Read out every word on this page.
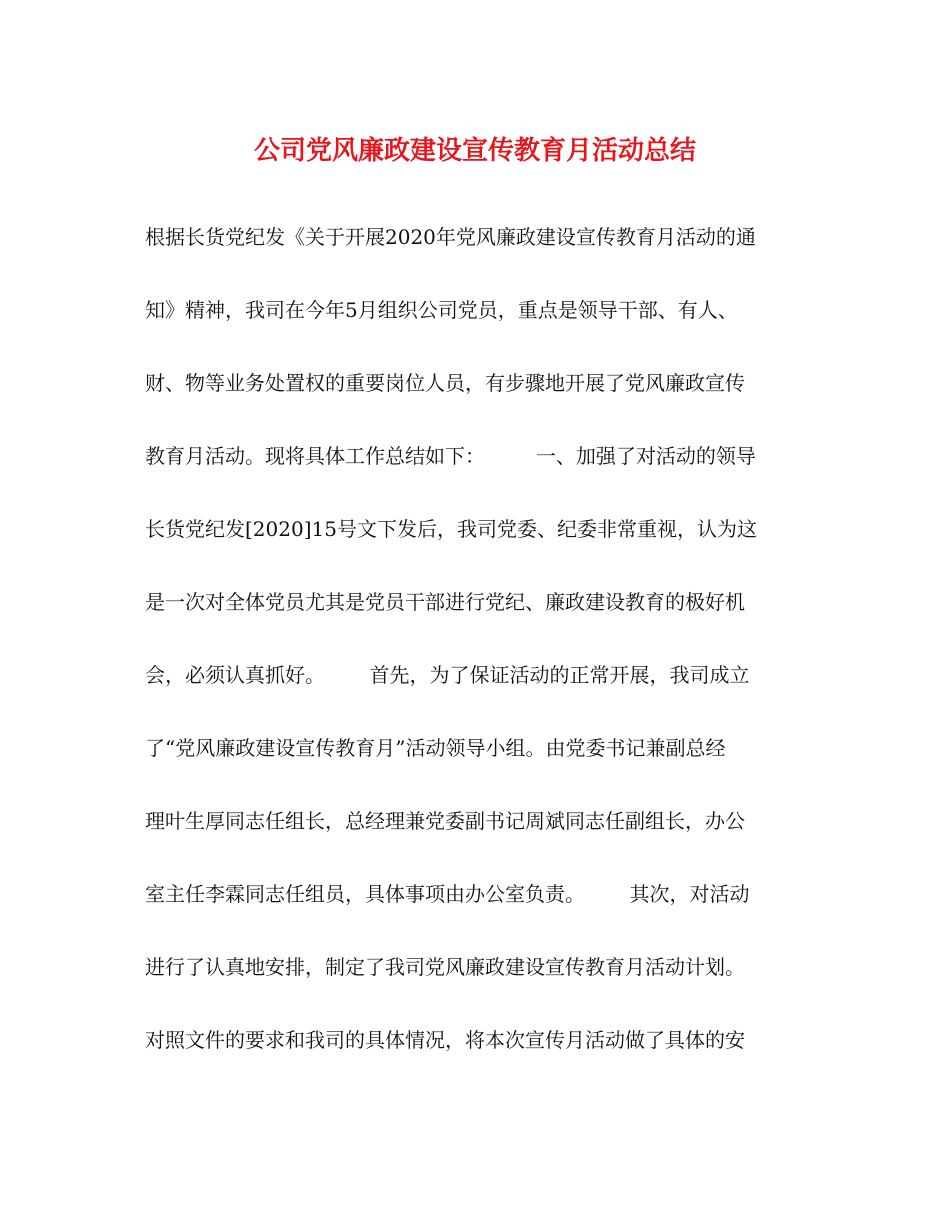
公司党风廉政建设宣传教育月活动总结
根据长货党纪发《关于开展2020年党风廉政建设宣传教育月活动的通
知》精神，我司在今年5月组织公司党员，重点是领导干部、有人、
财、物等业务处置权的重要岗位人员，有步骤地开展了党风廉政宣传
教育月活动。现将具体工作总结如下：        一、加强了对活动的领导
长货党纪发[2020]15号文下发后，我司党委、纪委非常重视，认为这
是一次对全体党员尤其是党员干部进行党纪、廉政建设教育的极好机
会，必须认真抓好。       首先，为了保证活动的正常开展，我司成立
了“党风廉政建设宣传教育月”活动领导小组。由党委书记兼副总经
理叶生厚同志任组长，总经理兼党委副书记周斌同志任副组长，办公
室主任李霖同志任组员，具体事项由办公室负责。       其次，对活动
进行了认真地安排，制定了我司党风廉政建设宣传教育月活动计划。
对照文件的要求和我司的具体情况，将本次宣传月活动做了具体的安
